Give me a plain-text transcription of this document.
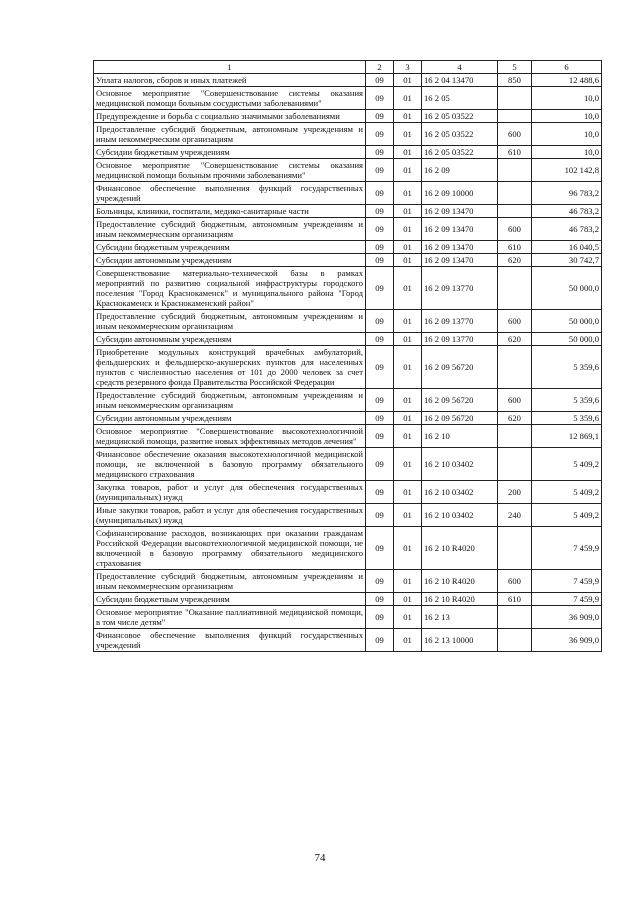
1	2	3	4	5	6
Уплата налогов, сборов и иных платежей	09	01	16 2 04 13470	850	12 488,6
Основное мероприятие "Совершенствование системы оказания медицинской помощи больным сосудистыми заболеваниями"	09	01	16 2 05		10,0
Предупреждение и борьба с социально значимыми заболеваниями	09	01	16 2 05 03522		10,0
Предоставление субсидий бюджетным, автономным учреждениям и иным некоммерческим организациям	09	01	16 2 05 03522	600	10,0
Субсидии бюджетным учреждениям	09	01	16 2 05 03522	610	10,0
Основное мероприятие "Совершенствование системы оказания медицинской помощи больным прочими заболеваниями"	09	01	16 2 09		102 142,8
Финансовое обеспечение выполнения функций государственных учреждений	09	01	16 2 09 10000		96 783,2
Больницы, клиники, госпитали, медико-санитарные части	09	01	16 2 09 13470		46 783,2
Предоставление субсидий бюджетным, автономным учреждениям и иным некоммерческим организациям	09	01	16 2 09 13470	600	46 783,2
Субсидии бюджетным учреждениям	09	01	16 2 09 13470	610	16 040,5
Субсидии автономным учреждениям	09	01	16 2 09 13470	620	30 742,7
Совершенствование материально-технической базы в рамках мероприятий по развитию социальной инфраструктуры городского поселения "Город Краснокаменск" и муниципального района "Город Краснокаменск и Краснокаменский район"	09	01	16 2 09 13770		50 000,0
Предоставление субсидий бюджетным, автономным учреждениям и иным некоммерческим организациям	09	01	16 2 09 13770	600	50 000,0
Субсидии автономным учреждениям	09	01	16 2 09 13770	620	50 000,0
Приобретение модульных конструкций врачебных амбулаторий, фельдшерских и фельдшерско-акушерских пунктов для населенных пунктов с численностью населения от 101 до 2000 человек за счет средств резервного фонда Правительства Российской Федерации	09	01	16 2 09 56720		5 359,6
Предоставление субсидий бюджетным, автономным учреждениям и иным некоммерческим организациям	09	01	16 2 09 56720	600	5 359,6
Субсидии автономным учреждениям	09	01	16 2 09 56720	620	5 359,6
Основное мероприятие "Совершенствование высокотехнологичной медицинской помощи, развитие новых эффективных методов лечения"	09	01	16 2 10		12 869,1
Финансовое обеспечение оказания высокотехнологичной медицинской помощи, не включенной в базовую программу обязательного медицинского страхования	09	01	16 2 10 03402		5 409,2
Закупка товаров, работ и услуг для обеспечения государственных (муниципальных) нужд	09	01	16 2 10 03402	200	5 409,2
Иные закупки товаров, работ и услуг для обеспечения государственных (муниципальных) нужд	09	01	16 2 10 03402	240	5 409,2
Софинансирование расходов, возникающих при оказании гражданам Российской Федерации высокотехнологичной медицинской помощи, не включенной в базовую программу обязательного медицинского страхования	09	01	16 2 10 R4020		7 459,9
Предоставление субсидий бюджетным, автономным учреждениям и иным некоммерческим организациям	09	01	16 2 10 R4020	600	7 459,9
Субсидии бюджетным учреждениям	09	01	16 2 10 R4020	610	7 459,9
Основное мероприятие "Оказание паллиативной медицинской помощи, в том числе детям"	09	01	16 2 13		36 909,0
Финансовое обеспечение выполнения функций государственных учреждений	09	01	16 2 13 10000		36 909,0
74
